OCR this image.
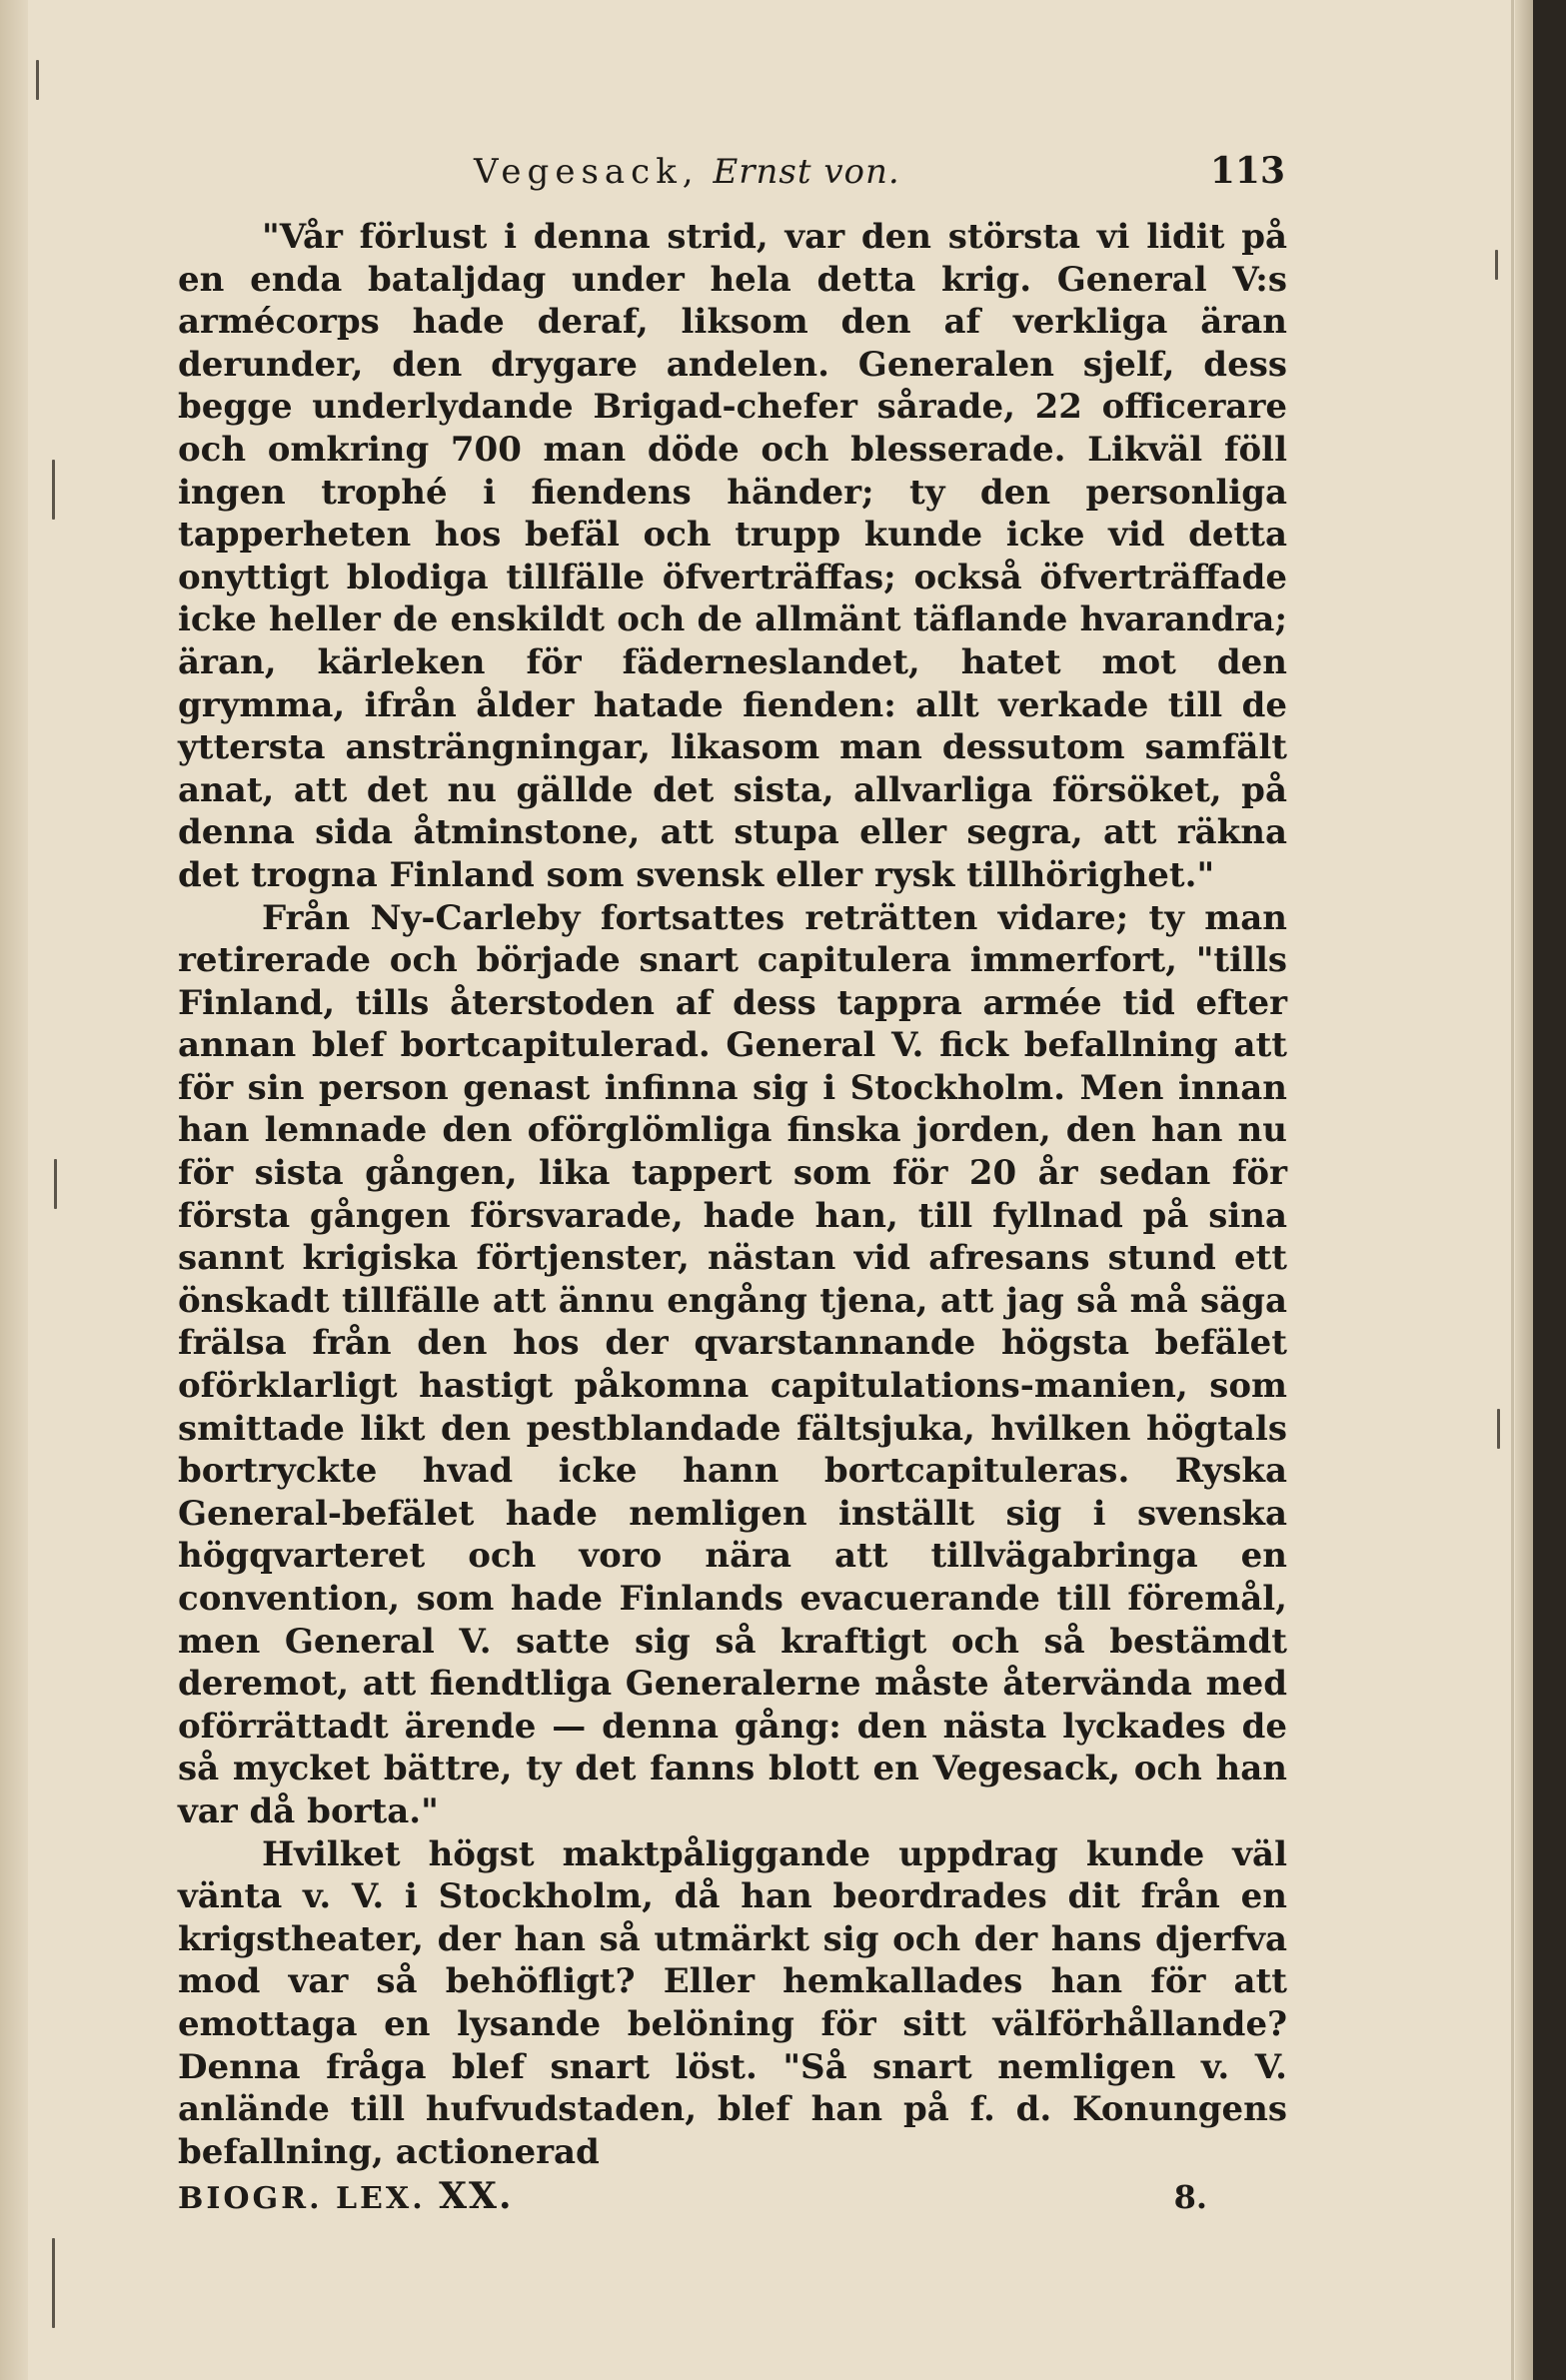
Vegesack, Ernst von.	113

"Vår förlust i denna strid, var den största vi lidit på en enda bataljdag under hela detta krig. General V:s armécorps hade deraf, liksom den af verkliga äran derunder, den drygare andelen. Generalen sjelf, dess begge underlydande Brigad-chefer sårade, 22 officerare och omkring 700 man döde och blesserade. Likväl föll ingen trophé i fiendens händer; ty den personliga tapperheten hos befäl och trupp kunde icke vid detta onyttigt blodiga tillfälle öfverträffas; också öfverträffade icke heller de enskildt och de allmänt täflande hvarandra; äran, kärleken för fäderneslandet, hatet mot den grymma, ifrån ålder hatade fienden: allt verkade till de yttersta ansträngningar, likasom man dessutom samfält anat, att det nu gällde det sista, allvarliga försöket, på denna sida åtminstone, att stupa eller segra, att räkna det trogna Finland som svensk eller rysk tillhörighet."

Från Ny-Carleby fortsattes reträtten vidare; ty man retirerade och började snart capitulera immerfort, "tills Finland, tills återstoden af dess tappra armée tid efter annan blef bortcapitulerad. General V. fick befallning att för sin person genast infinna sig i Stockholm. Men innan han lemnade den oförglömliga finska jorden, den han nu för sista gången, lika tappert som för 20 år sedan för första gången försvarade, hade han, till fyllnad på sina sannt krigiska förtjenster, nästan vid afresans stund ett önskadt tillfälle att ännu engång tjena, att jag så må säga frälsa från den hos der qvarstannande högsta befälet oförklarligt hastigt påkomna capitulations-manien, som smittade likt den pestblandade fältsjuka, hvilken högtals bortryckte hvad icke hann bortcapituleras. Ryska General-befälet hade nemligen inställt sig i svenska högqvarteret och voro nära att tillvägabringa en convention, som hade Finlands evacuerande till föremål, men General V. satte sig så kraftigt och så bestämdt deremot, att fiendtliga Generalerne måste återvända med oförrättadt ärende — denna gång: den nästa lyckades de så mycket bättre, ty det fanns blott en Vegesack, och han var då borta."

Hvilket högst maktpåliggande uppdrag kunde väl vänta v. V. i Stockholm, då han beordrades dit från en krigstheater, der han så utmärkt sig och der hans djerfva mod var så behöfligt? Eller hemkallades han för att emottaga en lysande belöning för sitt välförhållande? Denna fråga blef snart löst. "Så snart nemligen v. V. anlände till hufvudstaden, blef han på f. d. Konungens befallning, actionerad

BIOGR. LEX. XX.	8.
